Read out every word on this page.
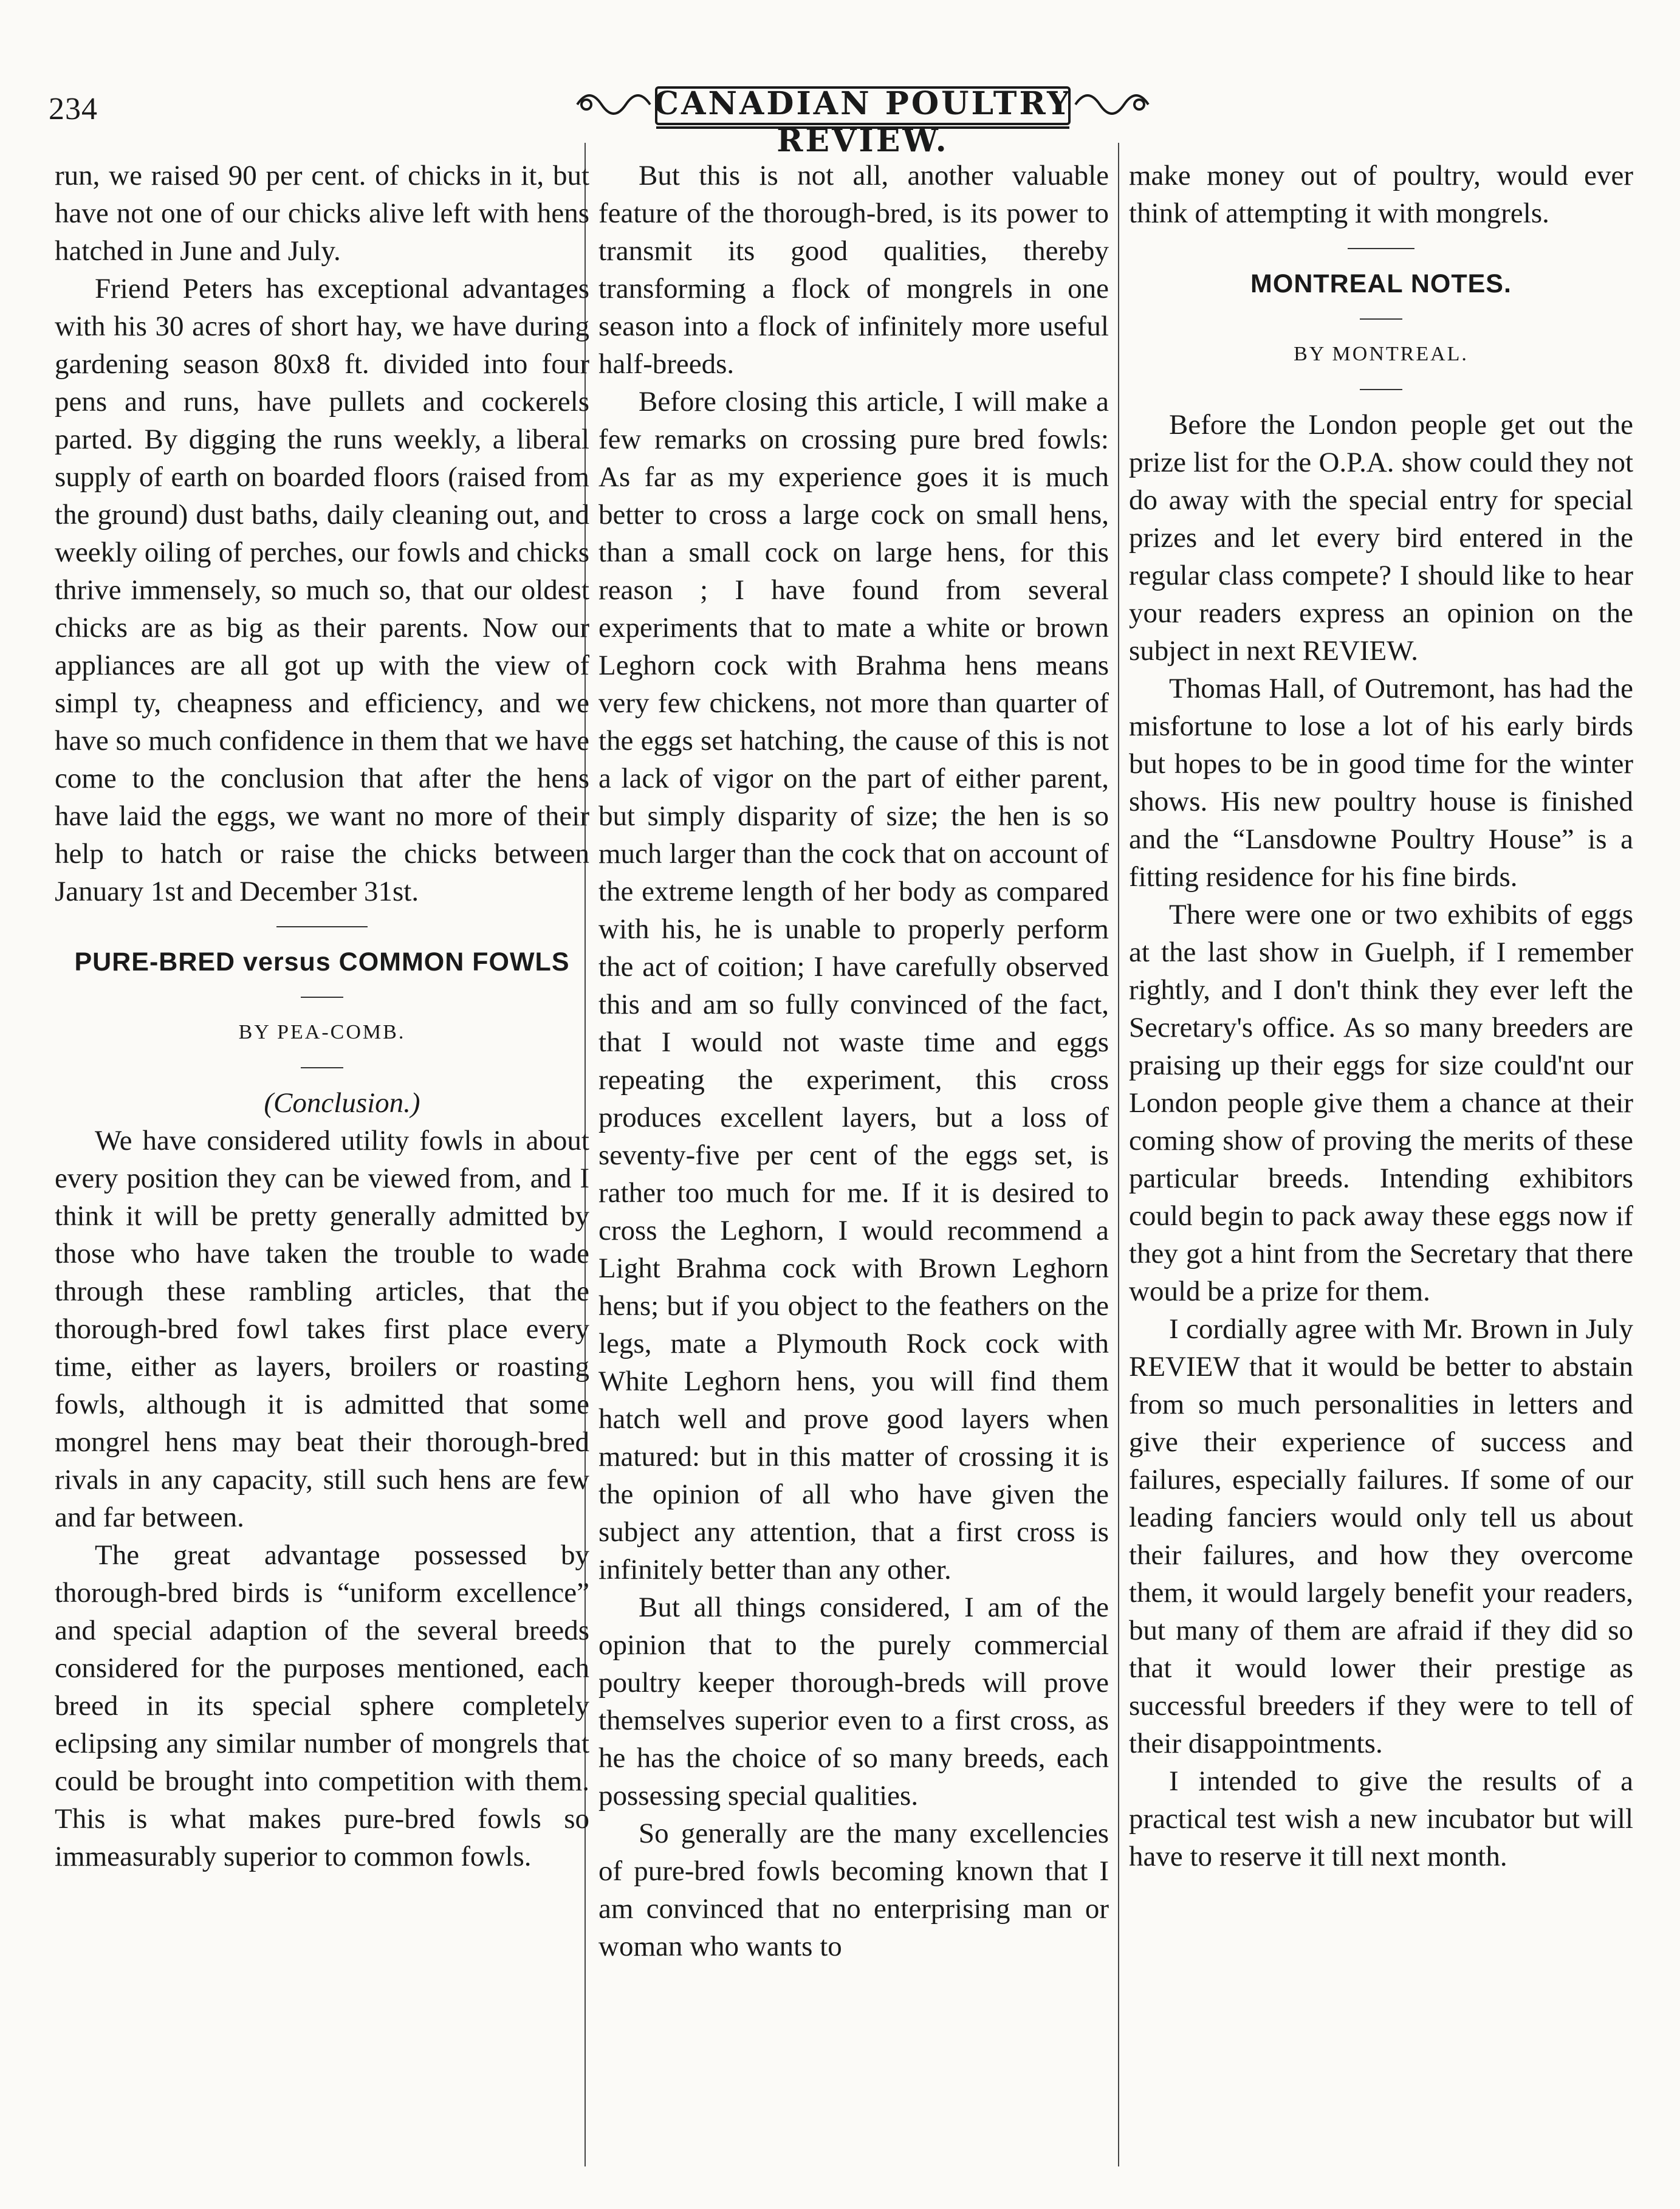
234	CANADIAN POULTRY REVIEW.

run, we raised 90 per cent. of chicks in it, but have not one of our chicks alive left with hens hatched in June and July.

Friend Peters has exceptional advantages with his 30 acres of short hay, we have during gardening season 80x8 ft. divided into four pens and runs, have pullets and cockerels parted. By digging the runs weekly, a liberal supply of earth on boarded floors (raised from the ground) dust baths, daily cleaning out, and weekly oiling of perches, our fowls and chicks thrive immensely, so much so, that our oldest chicks are as big as their parents. Now our appliances are all got up with the view of simpl ty, cheapness and efficiency, and we have so much confidence in them that we have come to the conclusion that after the hens have laid the eggs, we want no more of their help to hatch or raise the chicks between January 1st and December 31st.

PURE-BRED versus COMMON FOWLS
BY PEA-COMB.

(Conclusion.)

We have considered utility fowls in about every position they can be viewed from, and I think it will be pretty generally admitted by those who have taken the trouble to wade through these rambling articles, that the thorough-bred fowl takes first place every time, either as layers, broilers or roasting fowls, although it is admitted that some mongrel hens may beat their thorough-bred rivals in any capacity, still such hens are few and far between.

The great advantage possessed by thorough-bred birds is “uniform excellence” and special adaption of the several breeds considered for the purposes mentioned, each breed in its special sphere completely eclipsing any similar number of mongrels that could be brought into competition with them. This is what makes pure-bred fowls so immeasurably superior to common fowls.

But this is not all, another valuable feature of the thorough-bred, is its power to transmit its good qualities, thereby transforming a flock of mongrels in one season into a flock of infinitely more useful half-breeds.

Before closing this article, I will make a few remarks on crossing pure bred fowls: As far as my experience goes it is much better to cross a large cock on small hens, than a small cock on large hens, for this reason ; I have found from several experiments that to mate a white or brown Leghorn cock with Brahma hens means very few chickens, not more than quarter of the eggs set hatching, the cause of this is not a lack of vigor on the part of either parent, but simply disparity of size; the hen is so much larger than the cock that on account of the extreme length of her body as compared with his, he is unable to properly perform the act of coition; I have carefully observed this and am so fully convinced of the fact, that I would not waste time and eggs repeating the experiment, this cross produces excellent layers, but a loss of seventy-five per cent of the eggs set, is rather too much for me. If it is desired to cross the Leghorn, I would recommend a Light Brahma cock with Brown Leghorn hens; but if you object to the feathers on the legs, mate a Plymouth Rock cock with White Leghorn hens, you will find them hatch well and prove good layers when matured: but in this matter of crossing it is the opinion of all who have given the subject any attention, that a first cross is infinitely better than any other.

But all things considered, I am of the opinion that to the purely commercial poultry keeper thorough-breds will prove themselves superior even to a first cross, as he has the choice of so many breeds, each possessing special qualities.

So generally are the many excellencies of pure-bred fowls becoming known that I am convinced that no enterprising man or woman who wants to

make money out of poultry, would ever think of attempting it with mongrels.

MONTREAL NOTES.
BY MONTREAL.

Before the London people get out the prize list for the O.P.A. show could they not do away with the special entry for special prizes and let every bird entered in the regular class compete? I should like to hear your readers express an opinion on the subject in next REVIEW.

Thomas Hall, of Outremont, has had the misfortune to lose a lot of his early birds but hopes to be in good time for the winter shows. His new poultry house is finished and the “Lansdowne Poultry House” is a fitting residence for his fine birds.

There were one or two exhibits of eggs at the last show in Guelph, if I remember rightly, and I don't think they ever left the Secretary's office. As so many breeders are praising up their eggs for size could'nt our London people give them a chance at their coming show of proving the merits of these particular breeds. Intending exhibitors could begin to pack away these eggs now if they got a hint from the Secretary that there would be a prize for them.

I cordially agree with Mr. Brown in July REVIEW that it would be better to abstain from so much personalities in letters and give their experience of success and failures, especially failures. If some of our leading fanciers would only tell us about their failures, and how they overcome them, it would largely benefit your readers, but many of them are afraid if they did so that it would lower their prestige as successful breeders if they were to tell of their disappointments.

I intended to give the results of a practical test wish a new incubator but will have to reserve it till next month.
